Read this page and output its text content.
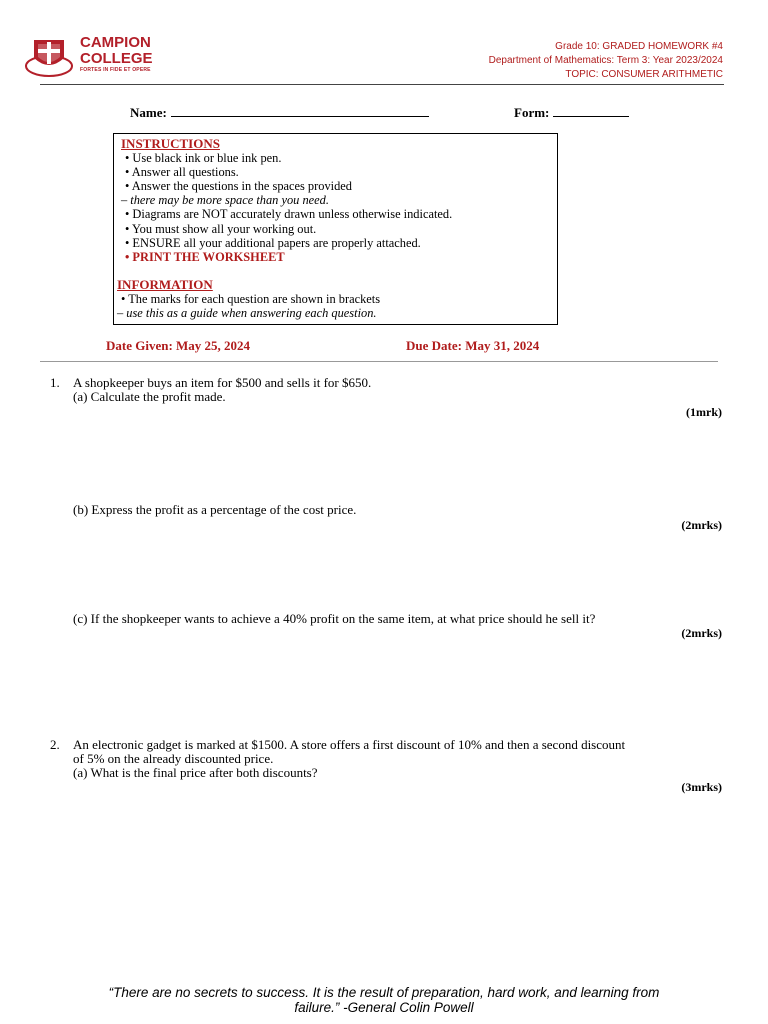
CAMPION
COLLEGE
FORTES IN FIDE ET OPERE
Grade 10: GRADED HOMEWORK #4
Department of Mathematics: Term 3: Year 2023/2024
TOPIC: CONSUMER ARITHMETIC
Name:	Form:
INSTRUCTIONS
• Use black ink or blue ink pen.
• Answer all questions.
• Answer the questions in the spaces provided
– there may be more space than you need.
• Diagrams are NOT accurately drawn unless otherwise indicated.
• You must show all your working out.
• ENSURE all your additional papers are properly attached.
• PRINT THE WORKSHEET
INFORMATION
• The marks for each question are shown in brackets
– use this as a guide when answering each question.
Date Given: May 25, 2024	Due Date: May 31, 2024
1. A shopkeeper buys an item for $500 and sells it for $650.
(a) Calculate the profit made.
(1mrk)
(b) Express the profit as a percentage of the cost price.
(2mrks)
(c) If the shopkeeper wants to achieve a 40% profit on the same item, at what price should he sell it?
(2mrks)
2. An electronic gadget is marked at $1500. A store offers a first discount of 10% and then a second discount
of 5% on the already discounted price.
(a) What is the final price after both discounts?
(3mrks)
“There are no secrets to success. It is the result of preparation, hard work, and learning from
failure.” -General Colin Powell
